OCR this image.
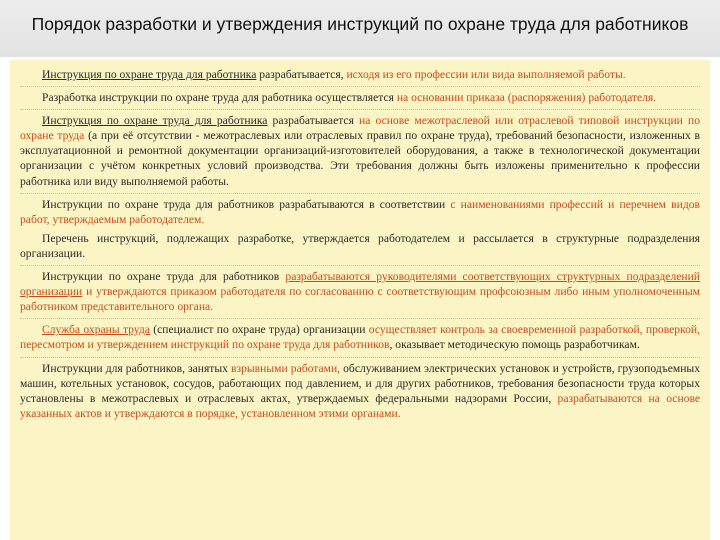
Порядок разработки и утверждения инструкций по охране труда для работников
Инструкция по охране труда для работника разрабатывается, исходя из его профессии или вида выполняемой работы.
Разработка инструкции по охране труда для работника осуществляется на основании приказа (распоряжения) работодателя.
Инструкция по охране труда для работника разрабатывается на основе межотраслевой или отраслевой типовой инструкции по охране труда (а при её отсутствии - межотраслевых или отраслевых правил по охране труда), требований безопасности, изложенных в эксплуатационной и ремонтной документации организаций-изготовителей оборудования, а также в технологической документации организации с учётом конкретных условий производства. Эти требования должны быть изложены применительно к профессии работника или виду выполняемой работы.
Инструкции по охране труда для работников разрабатываются в соответствии с наименованиями профессий и перечнем видов работ, утверждаемым работодателем.
Перечень инструкций, подлежащих разработке, утверждается работодателем и рассылается в структурные подразделения организации.
Инструкции по охране труда для работников разрабатываются руководителями соответствующих структурных подразделений организации и утверждаются приказом работодателя по согласованию с соответствующим профсоюзным либо иным уполномоченным работником представительного органа.
Служба охраны труда (специалист по охране труда) организации осуществляет контроль за своевременной разработкой, проверкой, пересмотром и утверждением инструкций по охране труда для работников, оказывает методическую помощь разработчикам.
Инструкции для работников, занятых взрывными работами, обслуживанием электрических установок и устройств, грузоподъемных машин, котельных установок, сосудов, работающих под давлением, и для других работников, требования безопасности труда которых установлены в межотраслевых и отраслевых актах, утверждаемых федеральными надзорами России, разрабатываются на основе указанных актов и утверждаются в порядке, установленном этими органами.
